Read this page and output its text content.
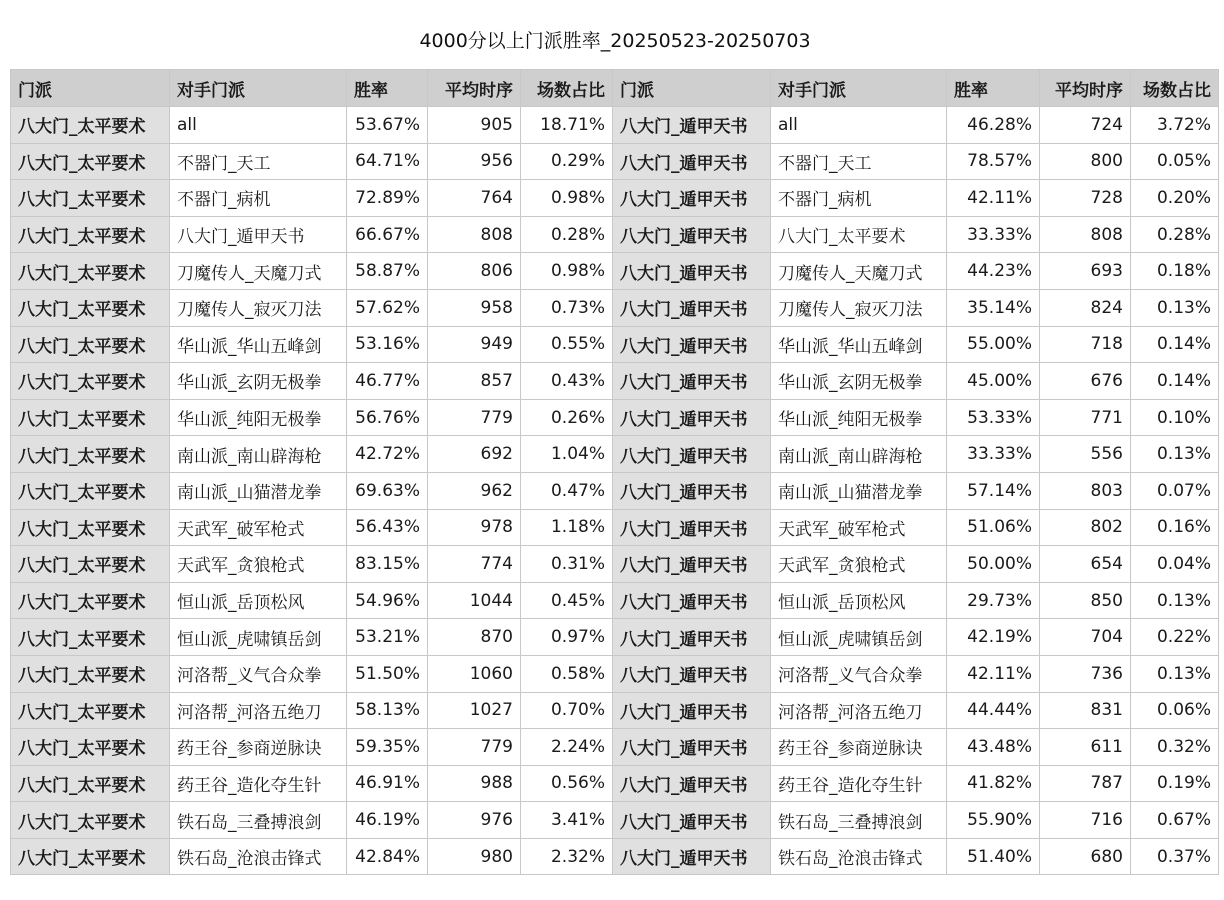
4000分以上门派胜率_20250523-20250703
门派	对手门派	胜率	平均时序	场数占比	门派	对手门派	胜率	平均时序	场数占比
八大门_太平要术	all	53.67%	905	18.71%	八大门_遁甲天书	all	46.28%	724	3.72%
八大门_太平要术	不器门_天工	64.71%	956	0.29%	八大门_遁甲天书	不器门_天工	78.57%	800	0.05%
八大门_太平要术	不器门_病机	72.89%	764	0.98%	八大门_遁甲天书	不器门_病机	42.11%	728	0.20%
八大门_太平要术	八大门_遁甲天书	66.67%	808	0.28%	八大门_遁甲天书	八大门_太平要术	33.33%	808	0.28%
八大门_太平要术	刀魔传人_天魔刀式	58.87%	806	0.98%	八大门_遁甲天书	刀魔传人_天魔刀式	44.23%	693	0.18%
八大门_太平要术	刀魔传人_寂灭刀法	57.62%	958	0.73%	八大门_遁甲天书	刀魔传人_寂灭刀法	35.14%	824	0.13%
八大门_太平要术	华山派_华山五峰剑	53.16%	949	0.55%	八大门_遁甲天书	华山派_华山五峰剑	55.00%	718	0.14%
八大门_太平要术	华山派_玄阴无极拳	46.77%	857	0.43%	八大门_遁甲天书	华山派_玄阴无极拳	45.00%	676	0.14%
八大门_太平要术	华山派_纯阳无极拳	56.76%	779	0.26%	八大门_遁甲天书	华山派_纯阳无极拳	53.33%	771	0.10%
八大门_太平要术	南山派_南山辟海枪	42.72%	692	1.04%	八大门_遁甲天书	南山派_南山辟海枪	33.33%	556	0.13%
八大门_太平要术	南山派_山猫潜龙拳	69.63%	962	0.47%	八大门_遁甲天书	南山派_山猫潜龙拳	57.14%	803	0.07%
八大门_太平要术	天武军_破军枪式	56.43%	978	1.18%	八大门_遁甲天书	天武军_破军枪式	51.06%	802	0.16%
八大门_太平要术	天武军_贪狼枪式	83.15%	774	0.31%	八大门_遁甲天书	天武军_贪狼枪式	50.00%	654	0.04%
八大门_太平要术	恒山派_岳顶松风	54.96%	1044	0.45%	八大门_遁甲天书	恒山派_岳顶松风	29.73%	850	0.13%
八大门_太平要术	恒山派_虎啸镇岳剑	53.21%	870	0.97%	八大门_遁甲天书	恒山派_虎啸镇岳剑	42.19%	704	0.22%
八大门_太平要术	河洛帮_义气合众拳	51.50%	1060	0.58%	八大门_遁甲天书	河洛帮_义气合众拳	42.11%	736	0.13%
八大门_太平要术	河洛帮_河洛五绝刀	58.13%	1027	0.70%	八大门_遁甲天书	河洛帮_河洛五绝刀	44.44%	831	0.06%
八大门_太平要术	药王谷_参商逆脉诀	59.35%	779	2.24%	八大门_遁甲天书	药王谷_参商逆脉诀	43.48%	611	0.32%
八大门_太平要术	药王谷_造化夺生针	46.91%	988	0.56%	八大门_遁甲天书	药王谷_造化夺生针	41.82%	787	0.19%
八大门_太平要术	铁石岛_三叠搏浪剑	46.19%	976	3.41%	八大门_遁甲天书	铁石岛_三叠搏浪剑	55.90%	716	0.67%
八大门_太平要术	铁石岛_沧浪击锋式	42.84%	980	2.32%	八大门_遁甲天书	铁石岛_沧浪击锋式	51.40%	680	0.37%
